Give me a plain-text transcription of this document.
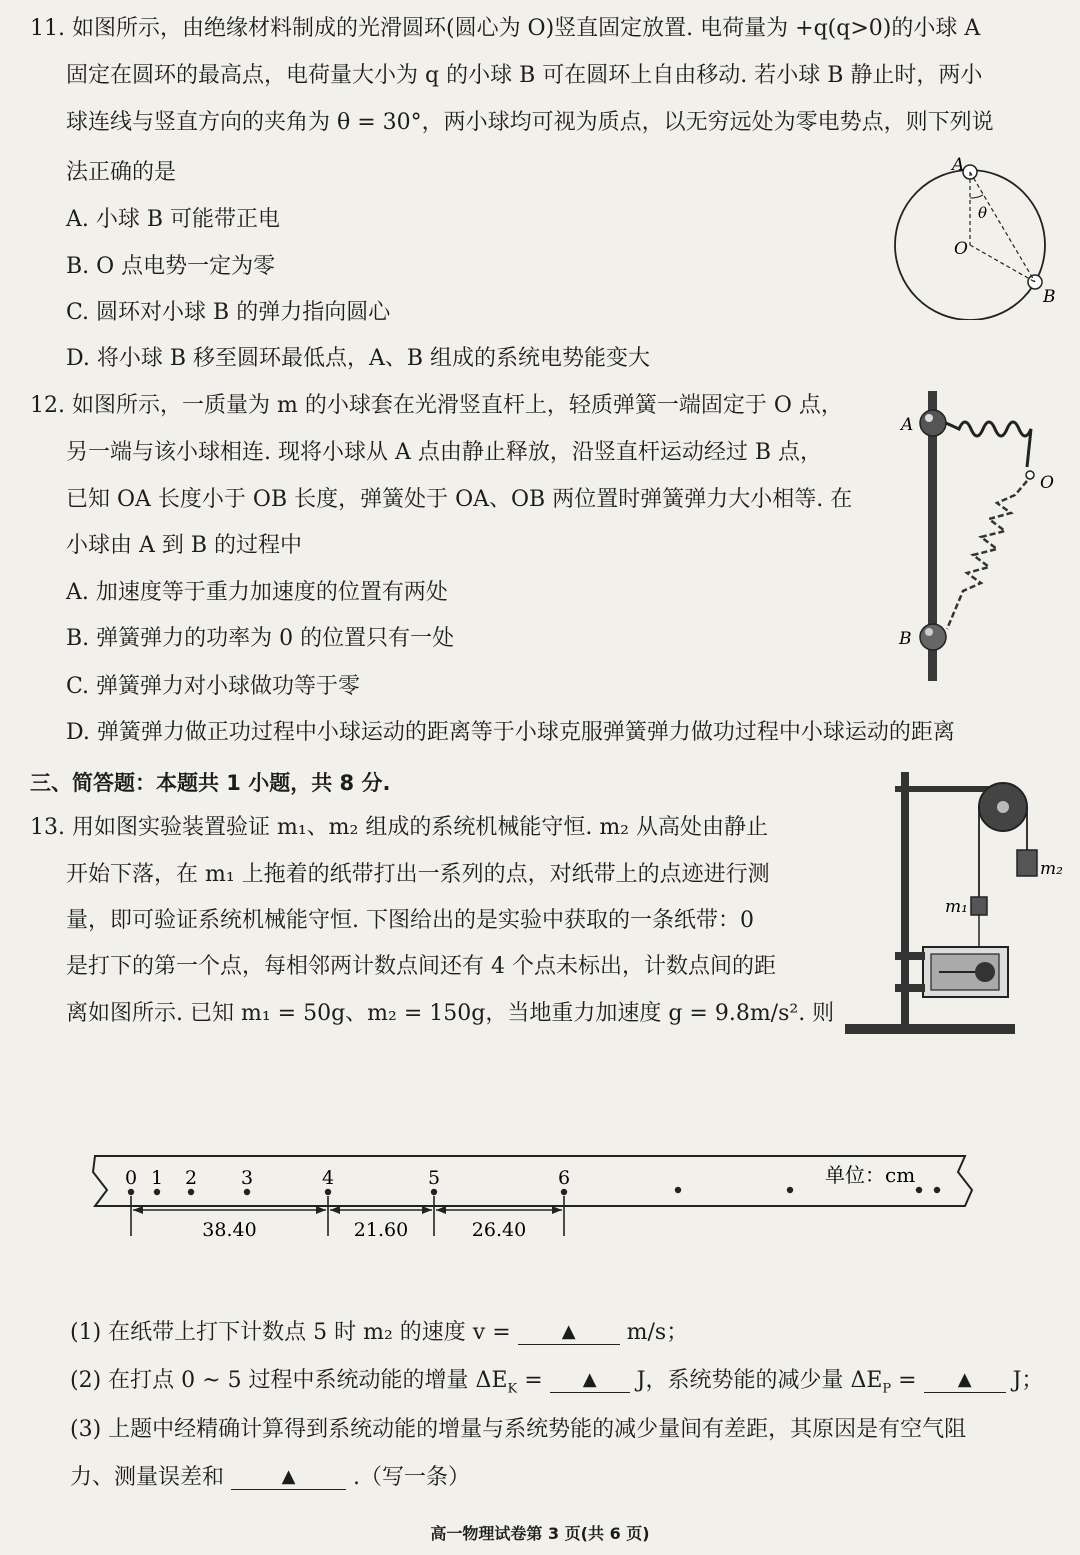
11. 如图所示，由绝缘材料制成的光滑圆环(圆心为 O)竖直固定放置. 电荷量为 +q(q>0)的小球 A
固定在圆环的最高点，电荷量大小为 q 的小球 B 可在圆环上自由移动. 若小球 B 静止时，两小
球连线与竖直方向的夹角为 θ = 30°，两小球均可视为质点，以无穷远处为零电势点，则下列说
法正确的是
A. 小球 B 可能带正电
B. O 点电势一定为零
C. 圆环对小球 B 的弹力指向圆心
D. 将小球 B 移至圆环最低点，A、B 组成的系统电势能变大
A
θ
O
B
12. 如图所示，一质量为 m 的小球套在光滑竖直杆上，轻质弹簧一端固定于 O 点，
另一端与该小球相连. 现将小球从 A 点由静止释放，沿竖直杆运动经过 B 点，
已知 OA 长度小于 OB 长度，弹簧处于 OA、OB 两位置时弹簧弹力大小相等. 在
小球由 A 到 B 的过程中
A. 加速度等于重力加速度的位置有两处
B. 弹簧弹力的功率为 0 的位置只有一处
C. 弹簧弹力对小球做功等于零
D. 弹簧弹力做正功过程中小球运动的距离等于小球克服弹簧弹力做功过程中小球运动的距离
A
O
B
三、简答题：本题共 1 小题，共 8 分.
13. 用如图实验装置验证 m₁、m₂ 组成的系统机械能守恒. m₂ 从高处由静止
开始下落，在 m₁ 上拖着的纸带打出一系列的点，对纸带上的点迹进行测
量，即可验证系统机械能守恒. 下图给出的是实验中获取的一条纸带：0
是打下的第一个点，每相邻两计数点间还有 4 个点未标出，计数点间的距
离如图所示. 已知 m₁ = 50g、m₂ = 150g，当地重力加速度 g = 9.8m/s². 则
m₂
m₁
单位：cm
0 1 2 3	4	5	6
38.40	21.60	26.40
(1) 在纸带上打下计数点 5 时 m₂ 的速度 v =	▲ m/s；
(2) 在打点 0 ~ 5 过程中系统动能的增量 $\Delta E_K$ = ▲ J，系统势能的减少量 $\Delta E_P$ = ▲ J；
(3) 上题中经精确计算得到系统动能的增量与系统势能的减少量间有差距，其原因是有空气阻
力、测量误差和	▲	.（写一条）
高一物理试卷第 3 页(共 6 页)
